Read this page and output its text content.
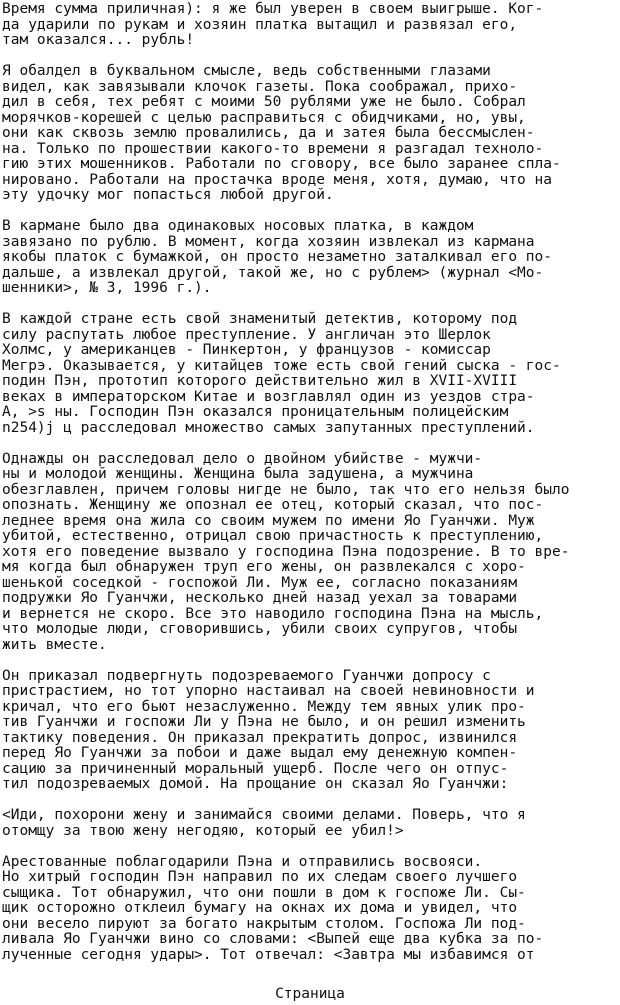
Время сумма приличная): я же был уверен в своем выигрыше. Ког-
да ударили по рукам и хозяин платка вытащил и развязал его,
там оказался... рубль!
Я обалдел в буквальном смысле, ведь собственными глазами
видел, как завязывали клочок газеты. Пока соображал, прихо-
дил в себя, тех ребят с моими 50 рублями уже не было. Собрал
морячков-корешей с целью расправиться с обидчиками, но, увы,
они как сквозь землю провалились, да и затея была бессмыслен-
на. Только по прошествии какого-то времени я разгадал техноло-
гию этих мошенников. Работали по сговору, все было заранее спла-
нировано. Работали на простачка вроде меня, хотя, думаю, что на
эту удочку мог попасться любой другой.
В кармане было два одинаковых носовых платка, в каждом
завязано по рублю. В момент, когда хозяин извлекал из кармана
якобы платок с бумажкой, он просто незаметно заталкивал его по-
дальше, а извлекал другой, такой же, но с рублем> (журнал <Мо-
шенники>, № 3, 1996 г.).
В каждой стране есть свой знаменитый детектив, которому под
силу распутать любое преступление. У англичан это Шерлок
Холмс, у американцев - Пинкертон, у французов - комиссар
Мегрэ. Оказывается, у китайцев тоже есть свой гений сыска - гос-
подин Пэн, прототип которого действительно жил в XVII-XVIII
веках в императорском Китае и возглавлял один из уездов стра-
А, >s ны. Господин Пэн оказался проницательным полицейским
n254)j ц расследовал множество самых запутанных преступлений.
Однажды он расследовал дело о двойном убийстве - мужчи-
ны и молодой женщины. Женщина была задушена, а мужчина
обезглавлен, причем головы нигде не было, так что его нельзя было
опознать. Женщину же опознал ее отец, который сказал, что пос-
леднее время она жила со своим мужем по имени Яо Гуанчжи. Муж
убитой, естественно, отрицал свою причастность к преступлению,
хотя его поведение вызвало у господина Пэна подозрение. В то вре-
мя когда был обнаружен труп его жены, он развлекался с хоро-
шенькой соседкой - госпожой Ли. Муж ее, согласно показаниям
подружки Яо Гуанчжи, несколько дней назад уехал за товарами
и вернется не скоро. Все это наводило господина Пэна на мысль,
что молодые люди, сговорившись, убили своих супругов, чтобы
жить вместе.
Он приказал подвергнуть подозреваемого Гуанчжи допросу с
пристрастием, но тот упорно настаивал на своей невиновности и
кричал, что его бьют незаслуженно. Между тем явных улик про-
тив Гуанчжи и госпожи Ли у Пэна не было, и он решил изменить
тактику поведения. Он приказал прекратить допрос, извинился
перед Яо Гуанчжи за побои и даже выдал ему денежную компен-
сацию за причиненный моральный ущерб. После чего он отпус-
тил подозреваемых домой. На прощание он сказал Яо Гуанчжи:
<Иди, похорони жену и занимайся своими делами. Поверь, что я
отомщу за твою жену негодяю, который ее убил!>
Арестованные поблагодарили Пэна и отправились восвояси.
Но хитрый господин Пэн направил по их следам своего лучшего
сыщика. Тот обнаружил, что они пошли в дом к госпоже Ли. Сы-
щик осторожно отклеил бумагу на окнах их дома и увидел, что
они весело пируют за богато накрытым столом. Госпожа Ли под-
ливала Яо Гуанчжи вино со словами: <Выпей еще два кубка за по-
лученные сегодня удары>. Тот отвечал: <Завтра мы избавимся от
Страница
